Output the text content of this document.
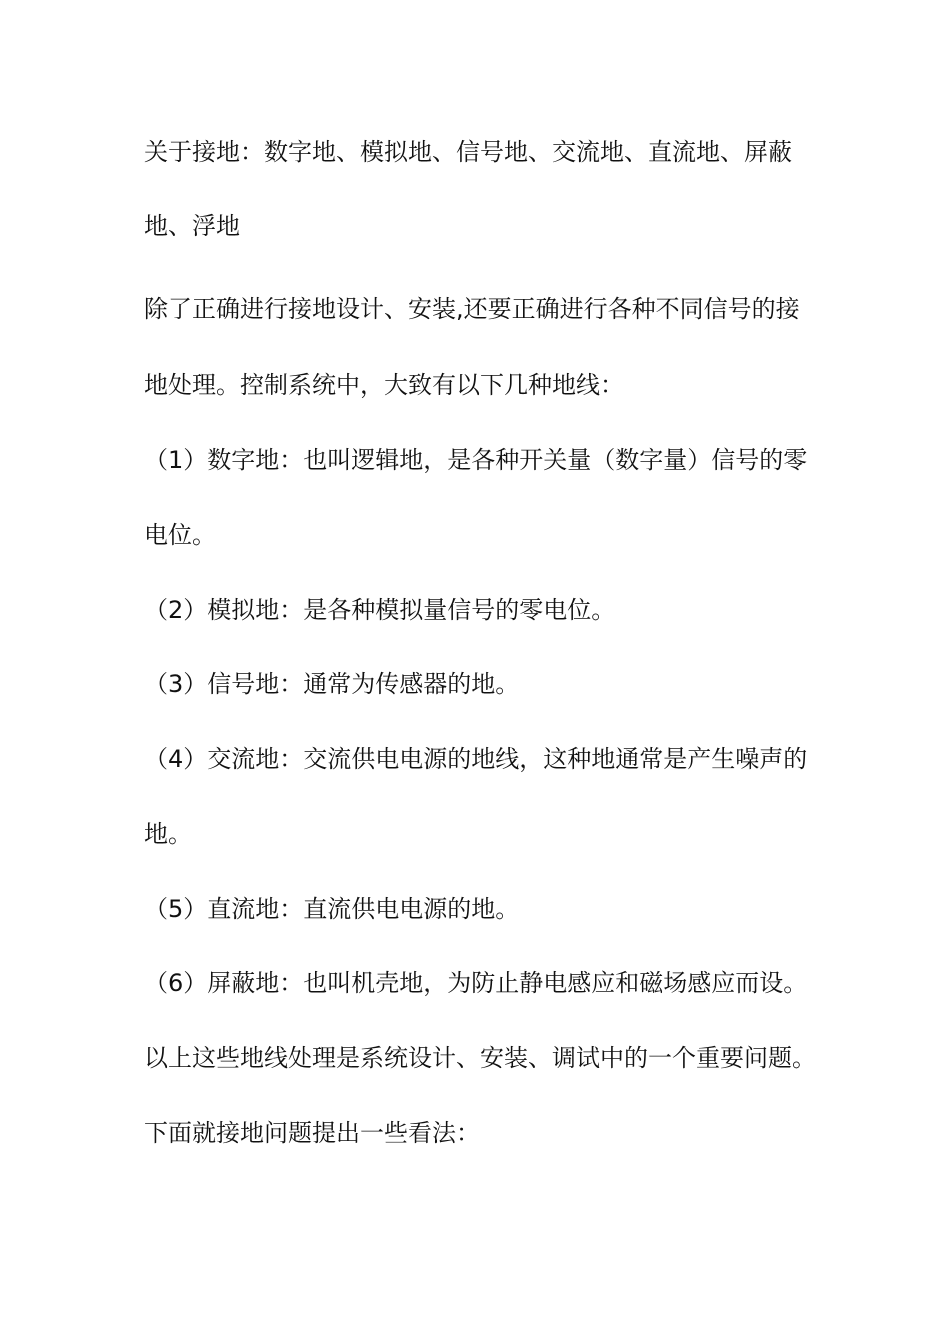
关于接地：数字地、模拟地、信号地、交流地、直流地、屏蔽
地、浮地
除了正确进行接地设计、安装,还要正确进行各种不同信号的接
地处理。控制系统中，大致有以下几种地线：
（1）数字地：也叫逻辑地，是各种开关量（数字量）信号的零
电位。
（2）模拟地：是各种模拟量信号的零电位。
（3）信号地：通常为传感器的地。
（4）交流地：交流供电电源的地线，这种地通常是产生噪声的
地。
（5）直流地：直流供电电源的地。
（6）屏蔽地：也叫机壳地，为防止静电感应和磁场感应而设。
以上这些地线处理是系统设计、安装、调试中的一个重要问题。
下面就接地问题提出一些看法：
